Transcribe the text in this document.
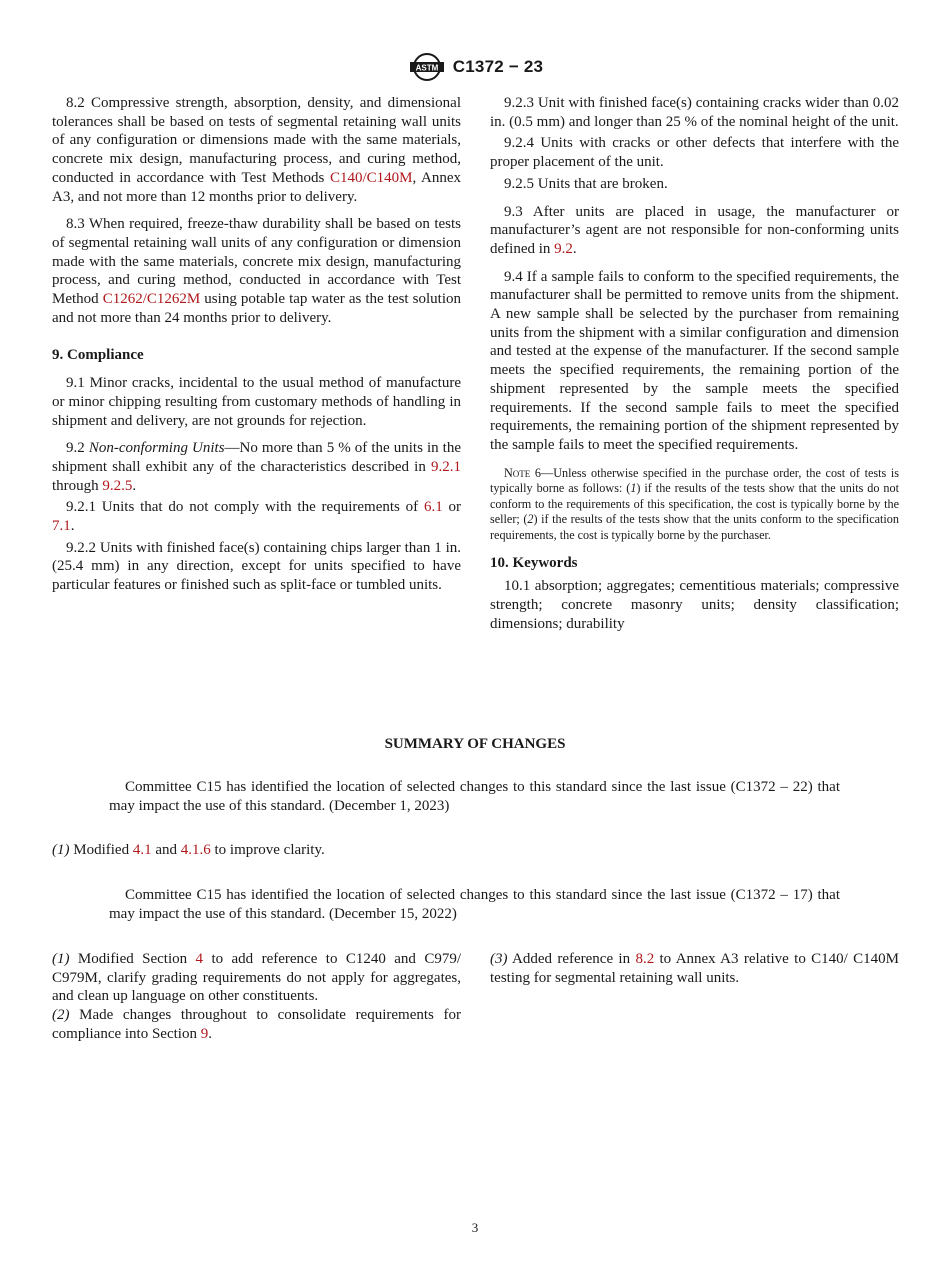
ASTM C1372 − 23

8.2 Compressive strength, absorption, density, and dimensional tolerances shall be based on tests of segmental retaining wall units of any configuration or dimensions made with the same materials, concrete mix design, manufacturing process, and curing method, conducted in accordance with Test Methods C140/C140M, Annex A3, and not more than 12 months prior to delivery.

8.3 When required, freeze-thaw durability shall be based on tests of segmental retaining wall units of any configuration or dimension made with the same materials, concrete mix design, manufacturing process, and curing method, conducted in accordance with Test Method C1262/C1262M using potable tap water as the test solution and not more than 24 months prior to delivery.

9. Compliance

9.1 Minor cracks, incidental to the usual method of manufacture or minor chipping resulting from customary methods of handling in shipment and delivery, are not grounds for rejection.

9.2 Non-conforming Units—No more than 5 % of the units in the shipment shall exhibit any of the characteristics described in 9.2.1 through 9.2.5.

9.2.1 Units that do not comply with the requirements of 6.1 or 7.1.

9.2.2 Units with finished face(s) containing chips larger than 1 in. (25.4 mm) in any direction, except for units specified to have particular features or finished such as split-face or tumbled units.

9.2.3 Unit with finished face(s) containing cracks wider than 0.02 in. (0.5 mm) and longer than 25 % of the nominal height of the unit.

9.2.4 Units with cracks or other defects that interfere with the proper placement of the unit.

9.2.5 Units that are broken.

9.3 After units are placed in usage, the manufacturer or manufacturer’s agent are not responsible for non-conforming units defined in 9.2.

9.4 If a sample fails to conform to the specified requirements, the manufacturer shall be permitted to remove units from the shipment. A new sample shall be selected by the purchaser from remaining units from the shipment with a similar configuration and dimension and tested at the expense of the manufacturer. If the second sample meets the specified requirements, the remaining portion of the shipment represented by the sample meets the specified requirements. If the second sample fails to meet the specified requirements, the remaining portion of the shipment represented by the sample fails to meet the specified requirements.

Note 6—Unless otherwise specified in the purchase order, the cost of tests is typically borne as follows: (1) if the results of the tests show that the units do not conform to the requirements of this specification, the cost is typically borne by the seller; (2) if the results of the tests show that the units conform to the specification requirements, the cost is typically borne by the purchaser.

10. Keywords

10.1 absorption; aggregates; cementitious materials; compressive strength; concrete masonry units; density classification; dimensions; durability

SUMMARY OF CHANGES

Committee C15 has identified the location of selected changes to this standard since the last issue (C1372 – 22) that may impact the use of this standard. (December 1, 2023)

(1) Modified 4.1 and 4.1.6 to improve clarity.

Committee C15 has identified the location of selected changes to this standard since the last issue (C1372 – 17) that may impact the use of this standard. (December 15, 2022)

(1) Modified Section 4 to add reference to C1240 and C979/ C979M, clarify grading requirements do not apply for aggregates, and clean up language on other constituents.

(2) Made changes throughout to consolidate requirements for compliance into Section 9.

(3) Added reference in 8.2 to Annex A3 relative to C140/ C140M testing for segmental retaining wall units.

3
